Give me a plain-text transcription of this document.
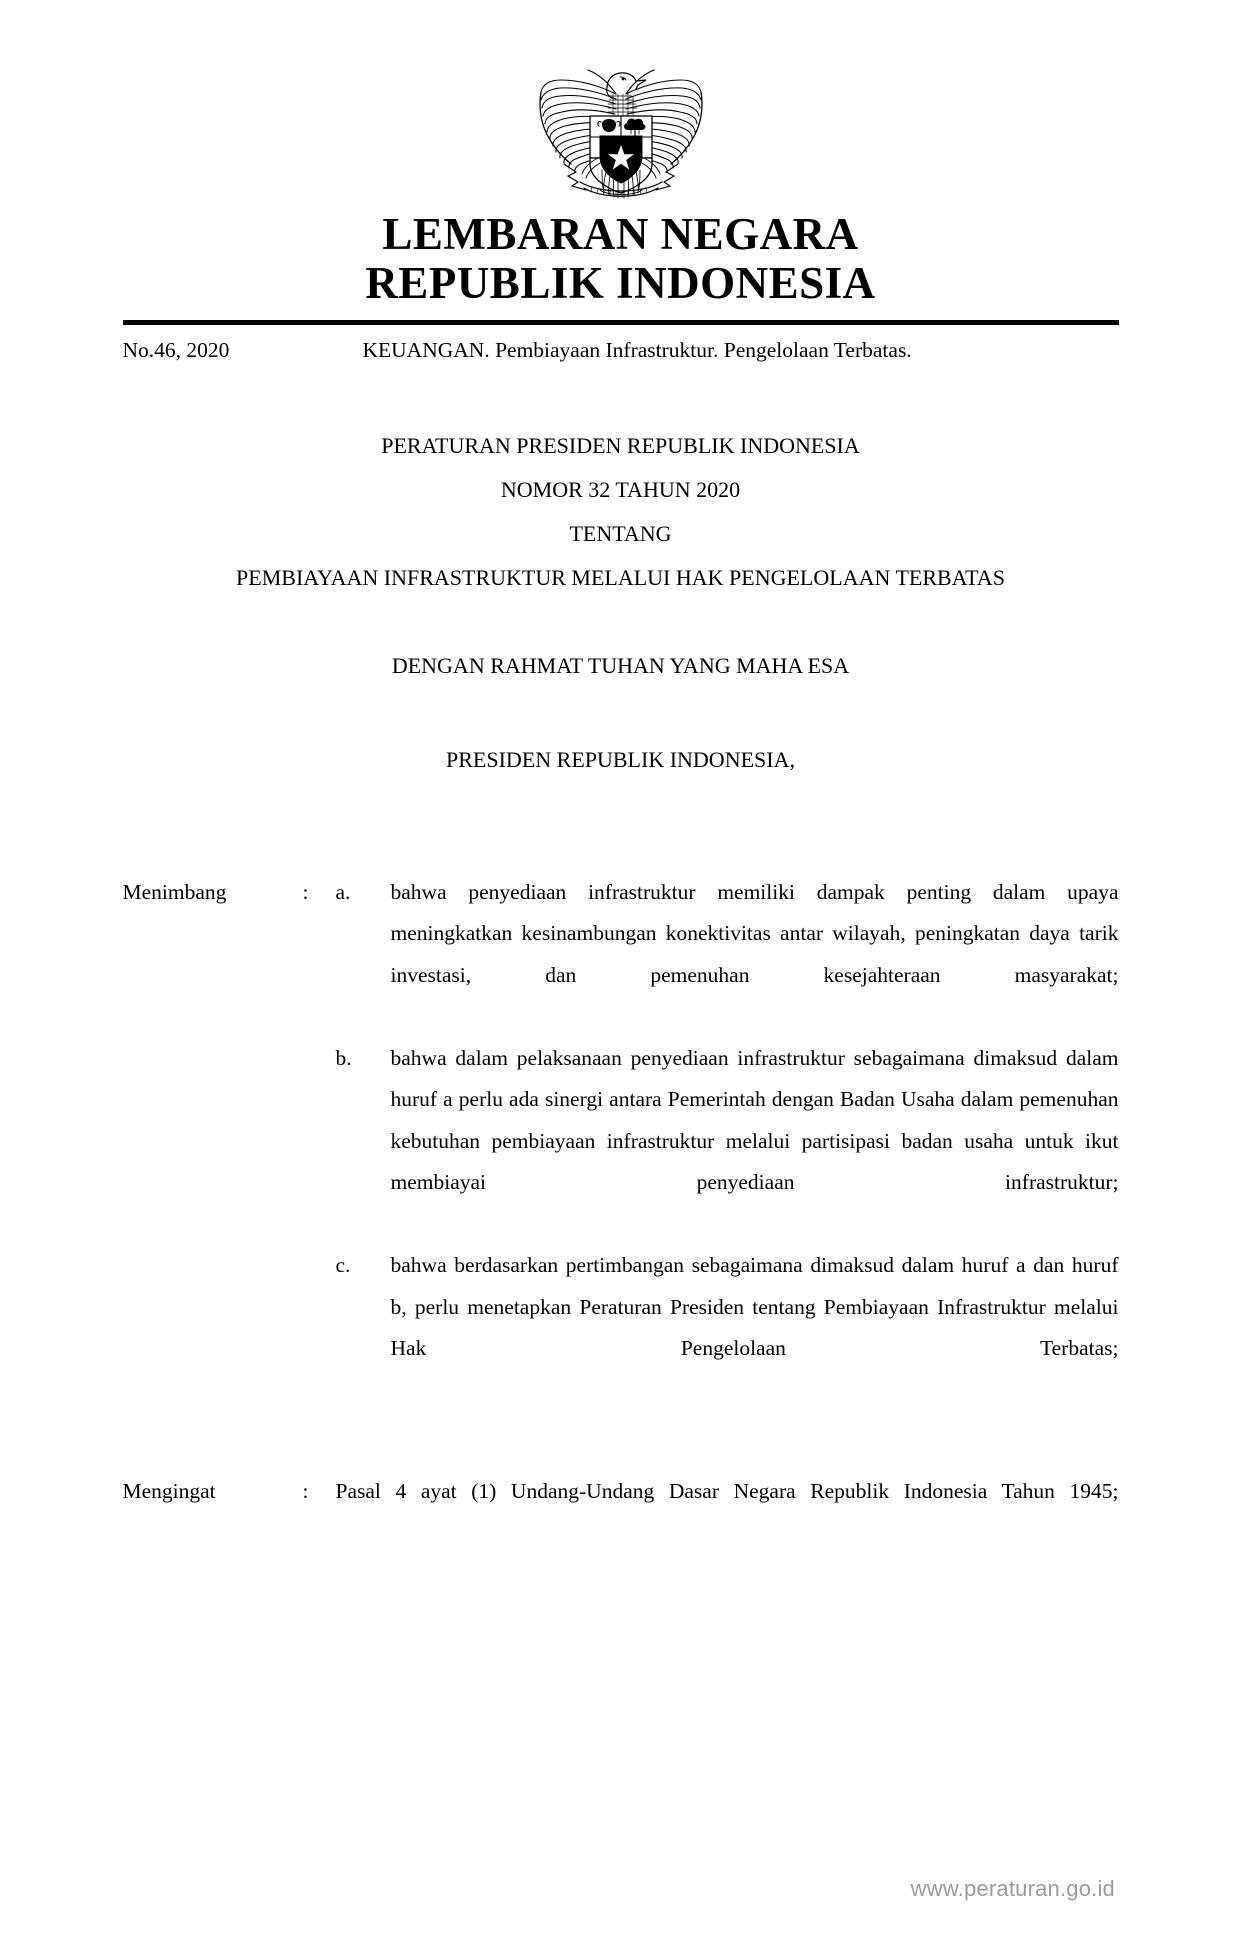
LEMBARAN NEGARA
REPUBLIK INDONESIA
No.46, 2020	KEUANGAN. Pembiayaan Infrastruktur. Pengelolaan Terbatas.
PERATURAN PRESIDEN REPUBLIK INDONESIA
NOMOR 32 TAHUN 2020
TENTANG
PEMBIAYAAN INFRASTRUKTUR MELALUI HAK PENGELOLAAN TERBATAS
DENGAN RAHMAT TUHAN YANG MAHA ESA
PRESIDEN REPUBLIK INDONESIA,
Menimbang	:	a.	bahwa penyediaan infrastruktur memiliki dampak penting dalam upaya meningkatkan kesinambungan konektivitas antar wilayah, peningkatan daya tarik investasi, dan pemenuhan kesejahteraan masyarakat;
b.	bahwa dalam pelaksanaan penyediaan infrastruktur sebagaimana dimaksud dalam huruf a perlu ada sinergi antara Pemerintah dengan Badan Usaha dalam pemenuhan kebutuhan pembiayaan infrastruktur melalui partisipasi badan usaha untuk ikut membiayai penyediaan infrastruktur;
c.	bahwa berdasarkan pertimbangan sebagaimana dimaksud dalam huruf a dan huruf b, perlu menetapkan Peraturan Presiden tentang Pembiayaan Infrastruktur melalui Hak Pengelolaan Terbatas;
Mengingat	:	Pasal 4 ayat (1) Undang-Undang Dasar Negara Republik Indonesia Tahun 1945;
www.peraturan.go.id
